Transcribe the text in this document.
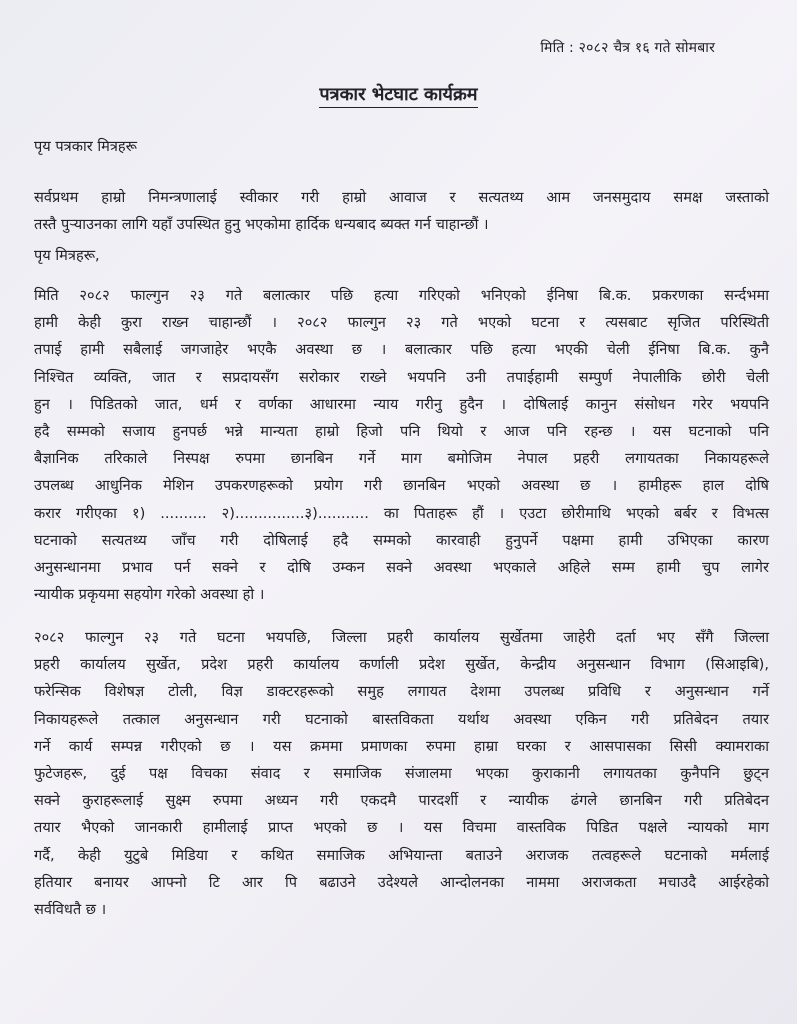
मिति : २०८२ चैत्र १६ गते सोमबार
पत्रकार भेटघाट कार्यक्रम
पृय पत्रकार मित्रहरू
सर्वप्रथम हाम्रो निमन्त्रणालाई स्वीकार गरी हाम्रो आवाज र सत्यतथ्य आम जनसमुदाय समक्ष जस्ताको
तस्तै पुऱ्याउनका लागि यहाँ उपस्थित हुनु भएकोमा हार्दिक धन्यबाद ब्यक्त गर्न चाहान्छौं ।
पृय मित्रहरू,
मिति २०८२ फाल्गुन २३ गते बलात्कार पछि हत्या गरिएको भनिएको ईनिषा बि.क. प्रकरणका सर्न्दभमा
हामी केही कुरा राख्न चाहान्छौं । २०८२ फाल्गुन २३ गते भएको घटना र त्यसबाट सृजित परिस्थिती
तपाई हामी सबैलाई जगजाहेर भएकै अवस्था छ । बलात्कार पछि हत्या भएकी चेली ईनिषा बि.क. कुनै
निश्चित व्यक्ति, जात र सप्रदायसँग सरोकार राख्ने भयपनि उनी तपाईहामी सम्पुर्ण नेपालीकि छोरी चेली
हुन । पिडितको जात, धर्म र वर्णका आधारमा न्याय गरीनु हुदैन । दोषिलाई कानुन संसोधन गरेर भयपनि
हदै सम्मको सजाय हुनपर्छ भन्ने मान्यता हाम्रो हिजो पनि थियो र आज पनि रहन्छ । यस घटनाको पनि
बैज्ञानिक तरिकाले निस्पक्ष रुपमा छानबिन गर्ने माग बमोजिम नेपाल प्रहरी लगायतका निकायहरूले
उपलब्ध आधुनिक मेशिन उपकरणहरूको प्रयोग गरी छानबिन भएको अवस्था छ । हामीहरू हाल दोषि
करार गरीएका १) .......... २)...............३)........... का पिताहरू हौं । एउटा छोरीमाथि भएको बर्बर र विभत्स
घटनाको सत्यतथ्य जाँच गरी दोषिलाई हदै सम्मको कारवाही हुनुपर्ने पक्षमा हामी उभिएका कारण
अनुसन्धानमा प्रभाव पर्न सक्ने र दोषि उम्कन सक्ने अवस्था भएकाले अहिले सम्म हामी चुप लागेर
न्यायीक प्रकृयमा सहयोग गरेको अवस्था हो ।
२०८२ फाल्गुन २३ गते घटना भयपछि, जिल्ला प्रहरी कार्यालय सुर्खेतमा जाहेरी दर्ता भए सँगै जिल्ला
प्रहरी कार्यालय सुर्खेत, प्रदेश प्रहरी कार्यालय कर्णाली प्रदेश सुर्खेत, केन्द्रीय अनुसन्धान विभाग (सिआइबि),
फरेन्सिक विशेषज्ञ टोली, विज्ञ डाक्टरहरूको समुह लगायत देशमा उपलब्ध प्रविधि र अनुसन्धान गर्ने
निकायहरूले तत्काल अनुसन्धान गरी घटनाको बास्तविकता यर्थाथ अवस्था एकिन गरी प्रतिबेदन तयार
गर्ने कार्य सम्पन्न गरीएको छ । यस क्रममा प्रमाणका रुपमा हाम्रा घरका र आसपासका सिसी क्यामराका
फुटेजहरू, दुई पक्ष विचका संवाद र समाजिक संजालमा भएका कुराकानी लगायतका कुनैपनि छुट्न
सक्ने कुराहरूलाई सुक्ष्म रुपमा अध्यन गरी एकदमै पारदर्शी र न्यायीक ढंगले छानबिन गरी प्रतिबेदन
तयार भैएको जानकारी हामीलाई प्राप्त भएको छ । यस विचमा वास्तविक पिडित पक्षले न्यायको माग
गर्दै, केही युटुबे मिडिया र कथित समाजिक अभियान्ता बताउने अराजक तत्वहरूले घटनाको मर्मलाई
हतियार बनायर आफ्नो टि आर पि बढाउने उदेश्यले आन्दोलनका नाममा अराजकता मचाउदै आईरहेको
सर्वविधतै छ ।
